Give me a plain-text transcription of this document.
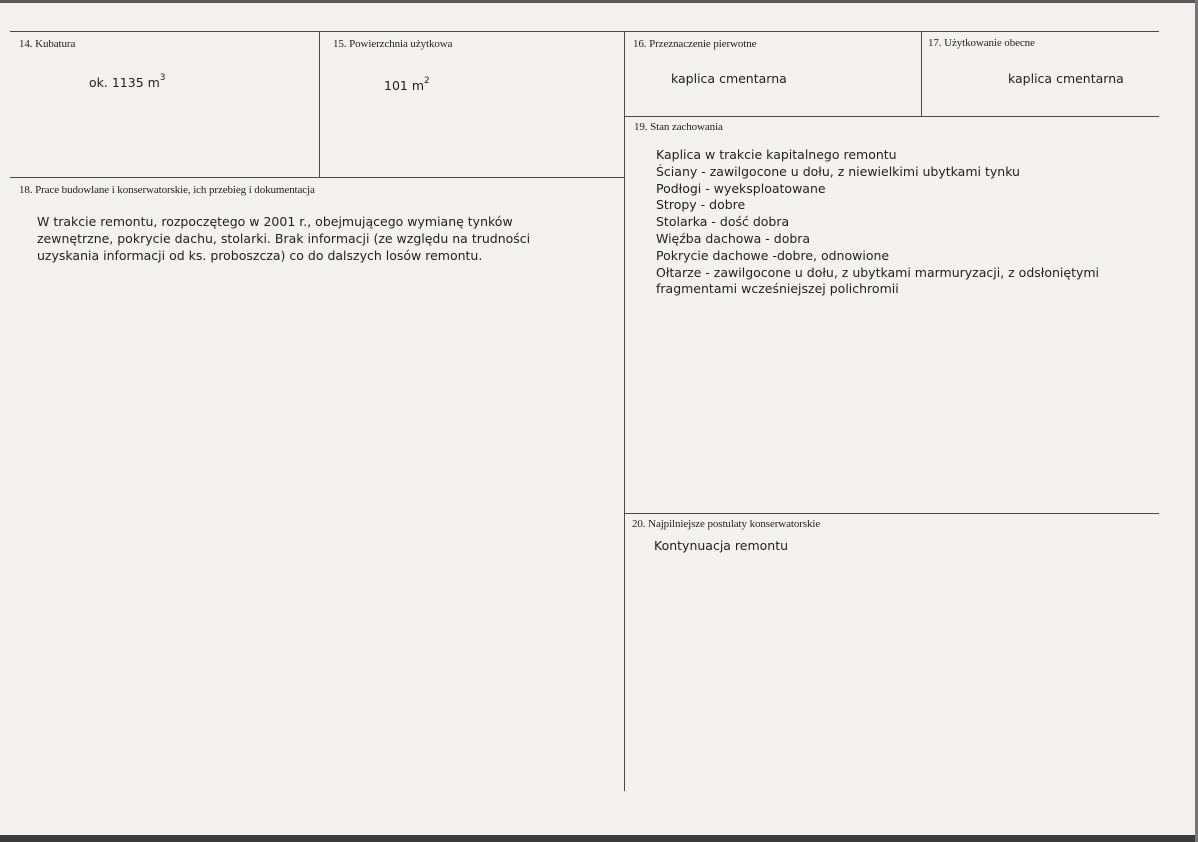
14. Kubatura
ok. 1135 $m^3$
15. Powierzchnia użytkowa
101 $m^2$
16. Przeznaczenie pierwotne
kaplica cmentarna
17. Użytkowanie obecne
kaplica cmentarna
18. Prace budowlane i konserwatorskie, ich przebieg i dokumentacja
W trakcie remontu, rozpoczętego w 2001 r., obejmującego wymianę tynków
zewnętrzne, pokrycie dachu, stolarki. Brak informacji (ze względu na trudności
uzyskania informacji od ks. proboszcza) co do dalszych losów remontu.
19. Stan zachowania
Kaplica w trakcie kapitalnego remontu
Ściany - zawilgocone u dołu, z niewielkimi ubytkami tynku
Podłogi - wyeksploatowane
Stropy - dobre
Stolarka - dość dobra
Więźba dachowa - dobra
Pokrycie dachowe -dobre, odnowione
Ołtarze - zawilgocone u dołu, z ubytkami marmuryzacji, z odsłoniętymi
fragmentami wcześniejszej polichromii
20. Najpilniejsze postulaty konserwatorskie
Kontynuacja remontu
